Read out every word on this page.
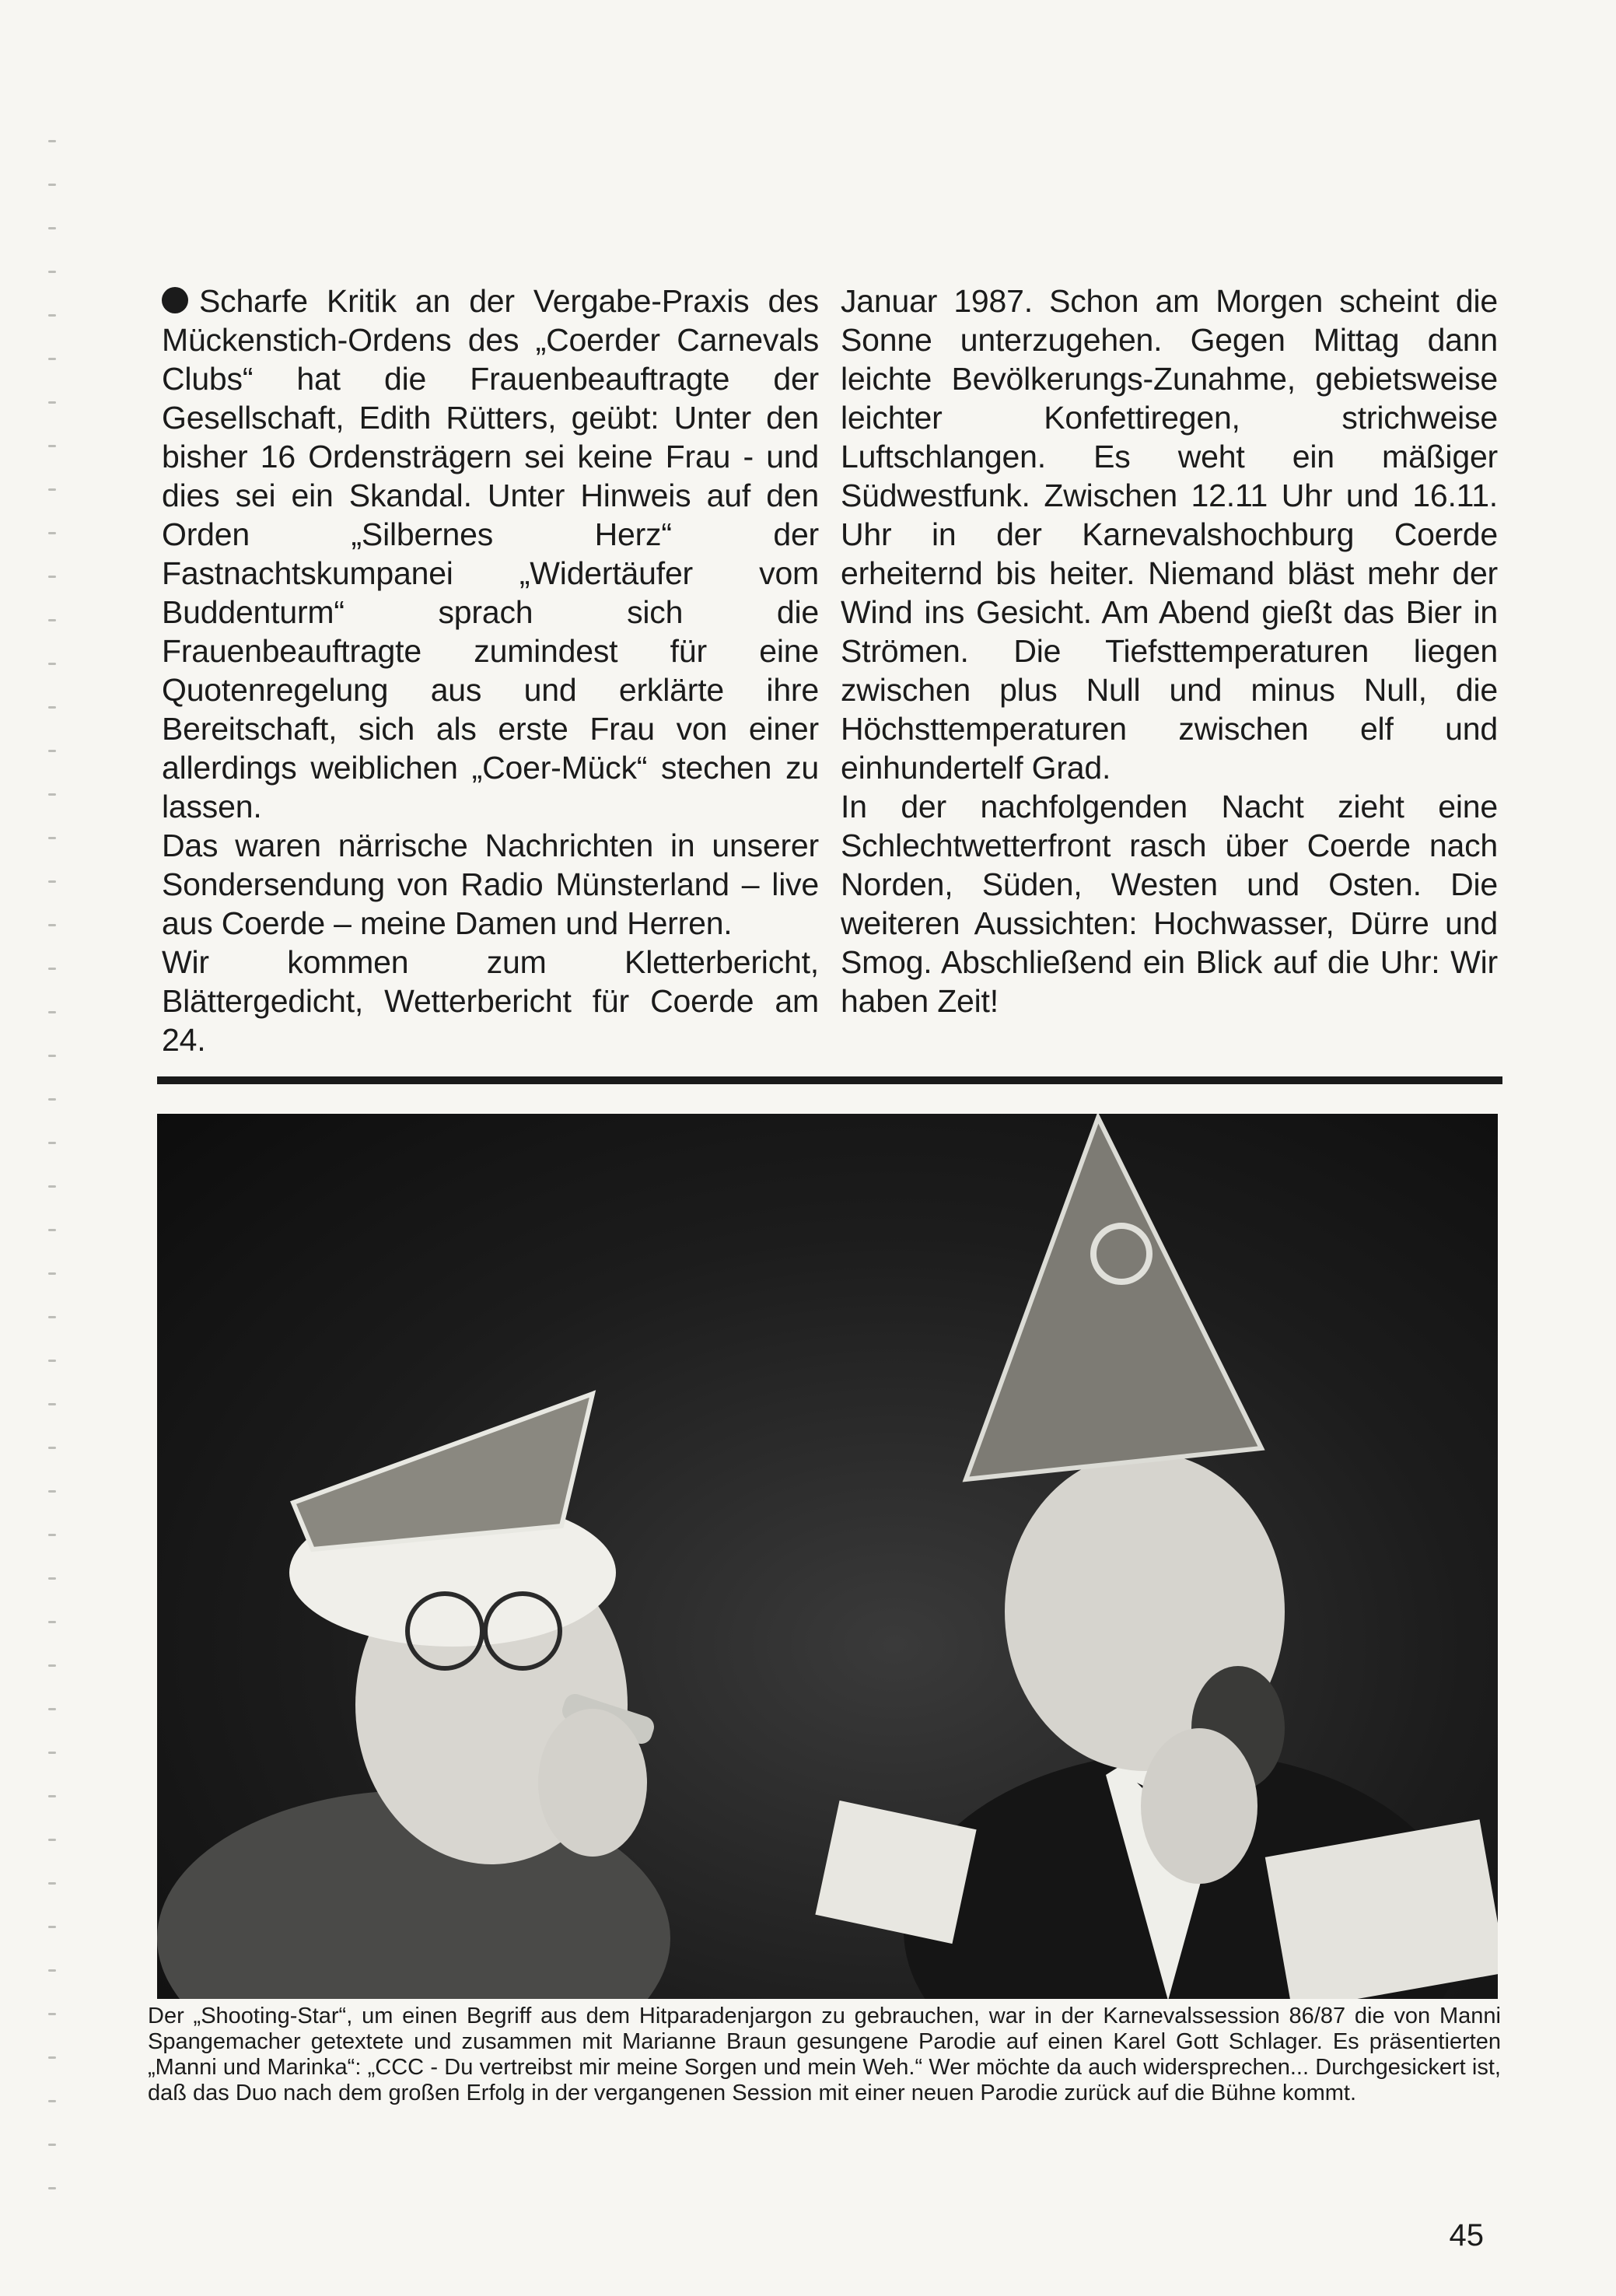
Scharfe Kritik an der Vergabe-Praxis des Mückenstich-Ordens des „Coerder Carnevals Clubs“ hat die Frauenbeauftragte der Gesellschaft, Edith Rütters, geübt: Unter den bisher 16 Ordensträgern sei keine Frau - und dies sei ein Skandal. Unter Hinweis auf den Orden „Silbernes Herz“ der Fastnachtskumpanei „Widertäufer vom Buddenturm“ sprach sich die Frauenbeauftragte zumindest für eine Quotenregelung aus und erklärte ihre Bereitschaft, sich als erste Frau von einer allerdings weiblichen „Coer-Mück“ stechen zu lassen.

Das waren närrische Nachrichten in unserer Sondersendung von Radio Münsterland – live aus Coerde – meine Damen und Herren.

Wir kommen zum Kletterbericht, Blättergedicht, Wetterbericht für Coerde am 24.

Januar 1987. Schon am Morgen scheint die Sonne unterzugehen. Gegen Mittag dann leichte Bevölkerungs-Zunahme, gebietsweise leichter Konfettiregen, strichweise Luftschlangen. Es weht ein mäßiger Südwestfunk. Zwischen 12.11 Uhr und 16.11. Uhr in der Karnevalshochburg Coerde erheiternd bis heiter. Niemand bläst mehr der Wind ins Gesicht. Am Abend gießt das Bier in Strömen. Die Tiefsttemperaturen liegen zwischen plus Null und minus Null, die Höchsttemperaturen zwischen elf und einhundertelf Grad.

In der nachfolgenden Nacht zieht eine Schlechtwetterfront rasch über Coerde nach Norden, Süden, Westen und Osten. Die weiteren Aussichten: Hochwasser, Dürre und Smog. Abschließend ein Blick auf die Uhr: Wir haben Zeit!

Der „Shooting-Star“, um einen Begriff aus dem Hitparadenjargon zu gebrauchen, war in der Karnevalssession 86/87 die von Manni Spangemacher getextete und zusammen mit Marianne Braun gesungene Parodie auf einen Karel Gott Schlager. Es präsentierten „Manni und Marinka“: „CCC - Du vertreibst mir meine Sorgen und mein Weh.“ Wer möchte da auch widersprechen... Durchgesickert ist, daß das Duo nach dem großen Erfolg in der vergangenen Session mit einer neuen Parodie zurück auf die Bühne kommt.

45
